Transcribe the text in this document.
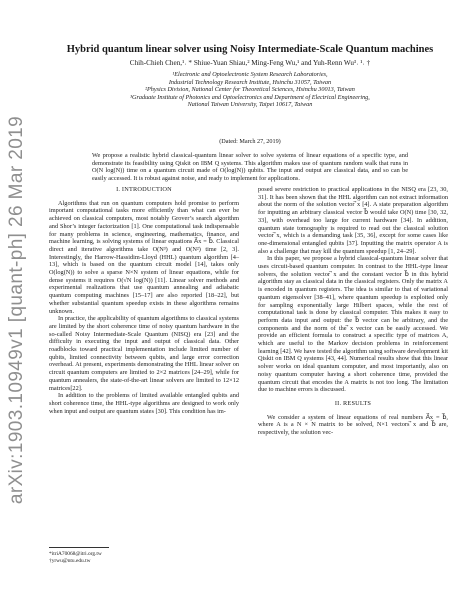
arXiv:1903.10949v1 [quant-ph] 26 Mar 2019
Hybrid quantum linear solver using Noisy Intermediate-Scale Quantum machines
Chih-Chieh Chen,¹˒ * Shiue-Yuan Shiau,² Ming-Feng Wu,¹ and Yuh-Renn Wu³˒ ¹˒ †
¹Electronic and Optoelectronic System Research Laboratories,
Industrial Technology Research Institute, Hsinchu 31057, Taiwan
²Physics Division, National Center for Theoretical Sciences, Hsinchu 30013, Taiwan
³Graduate Institute of Photonics and Optoelectronics and Department of Electrical Engineering,
National Taiwan University, Taipei 10617, Taiwan
(Dated: March 27, 2019)
We propose a realistic hybrid classical-quantum linear solver to solve systems of linear equations of a specific type, and demonstrate its feasibility using Qiskit on IBM Q systems. This algorithm makes use of quantum random walk that runs in O(N log(N)) time on a quantum circuit made of O(log(N)) qubits. The input and output are classical data, and so can be easily accessed. It is robust against noise, and ready to implement for applications.
I. INTRODUCTION

Algorithms that run on quantum computers hold promise to perform important computational tasks more efficiently than what can ever be achieved on classical computers, most notably Grover’s search algorithm and Shor’s integer factorization [1]. One computational task indispensable for many problems in science, engineering, mathematics, finance, and machine learning, is solving systems of linear equations A⃗x = b⃗. Classical direct and iterative algorithms take O(N³) and O(N²) time [2, 3]. Interestingly, the Harrow-Hassidim-Lloyd (HHL) quantum algorithm [4–13], which is based on the quantum circuit model [14], takes only O(log(N)) to solve a sparse N×N system of linear equations, while for dense systems it requires O(√N log(N)) [11]. Linear solver methods and experimental realizations that use quantum annealing and adiabatic quantum computing machines [15–17] are also reported [18–22], but whether substantial quantum speedup exists in these algorithms remains unknown.

In practice, the applicability of quantum algorithms to classical systems are limited by the short coherence time of noisy quantum hardware in the so-called Noisy Intermediate-Scale Quantum (NISQ) era [23] and the difficulty in executing the input and output of classical data. Other roadblocks toward practical implementation include limited number of qubits, limited connectivity between qubits, and large error correction overhead. At present, experiments demonstrating the HHL linear solver on circuit quantum computers are limited to 2×2 matrices [24–29], while for quantum annealers, the state-of-the-art linear solvers are limited to 12×12 matrices[22].

In addition to the problems of limited available entangled qubits and short coherence time, the HHL-type algorithms are designed to work only when input and output are quantum states [30]. This condition has im-

posed severe restriction to practical applications in the NISQ era [23, 30, 31]. It has been shown that the HHL algorithm can not extract information about the norm of the solution vector ⃗x [4]. A state preparation algorithm for inputting an arbitrary classical vector b⃗ would take O(N) time [30, 32, 33], with overhead too large for current hardware [34]. In addition, quantum state tomography is required to read out the classical solution vector ⃗x, which is a demanding task [35, 36], except for some cases like one-dimensional entangled qubits [37]. Inputting the matrix operator A is also a challenge that may kill the quantum speedup [1, 24–29].

In this paper, we propose a hybrid classical-quantum linear solver that uses circuit-based quantum computer. In contrast to the HHL-type linear solvers, the solution vector ⃗x and the constant vector b⃗ in this hybrid algorithm stay as classical data in the classical registers. Only the matrix A is encoded in quantum registers. The idea is similar to that of variational quantum eigensolver [38–41], where quantum speedup is exploited only for sampling exponentially large Hilbert spaces, while the rest of computational task is done by classical computer. This makes it easy to perform data input and output: the b⃗ vector can be arbitrary, and the components and the norm of the ⃗x vector can be easily accessed. We provide an efficient formula to construct a specific type of matrices A, which are useful to the Markov decision problems in reinforcement learning [42]. We have tested the algorithm using software development kit Qiskit on IBM Q systems [43, 44]. Numerical results show that this linear solver works on ideal quantum computer, and most importantly, also on noisy quantum computer having a short coherence time, provided the quantum circuit that encodes the A matrix is not too long. The limitation due to machine errors is discussed.

II. RESULTS

We consider a system of linear equations of real numbers A⃗x = b⃗, where A is a N × N matrix to be solved, N×1 vectors ⃗x and b⃗ are, respectively, the solution vec-

*itriA70068@itri.org.tw
†yrwu@ntu.edu.tw
